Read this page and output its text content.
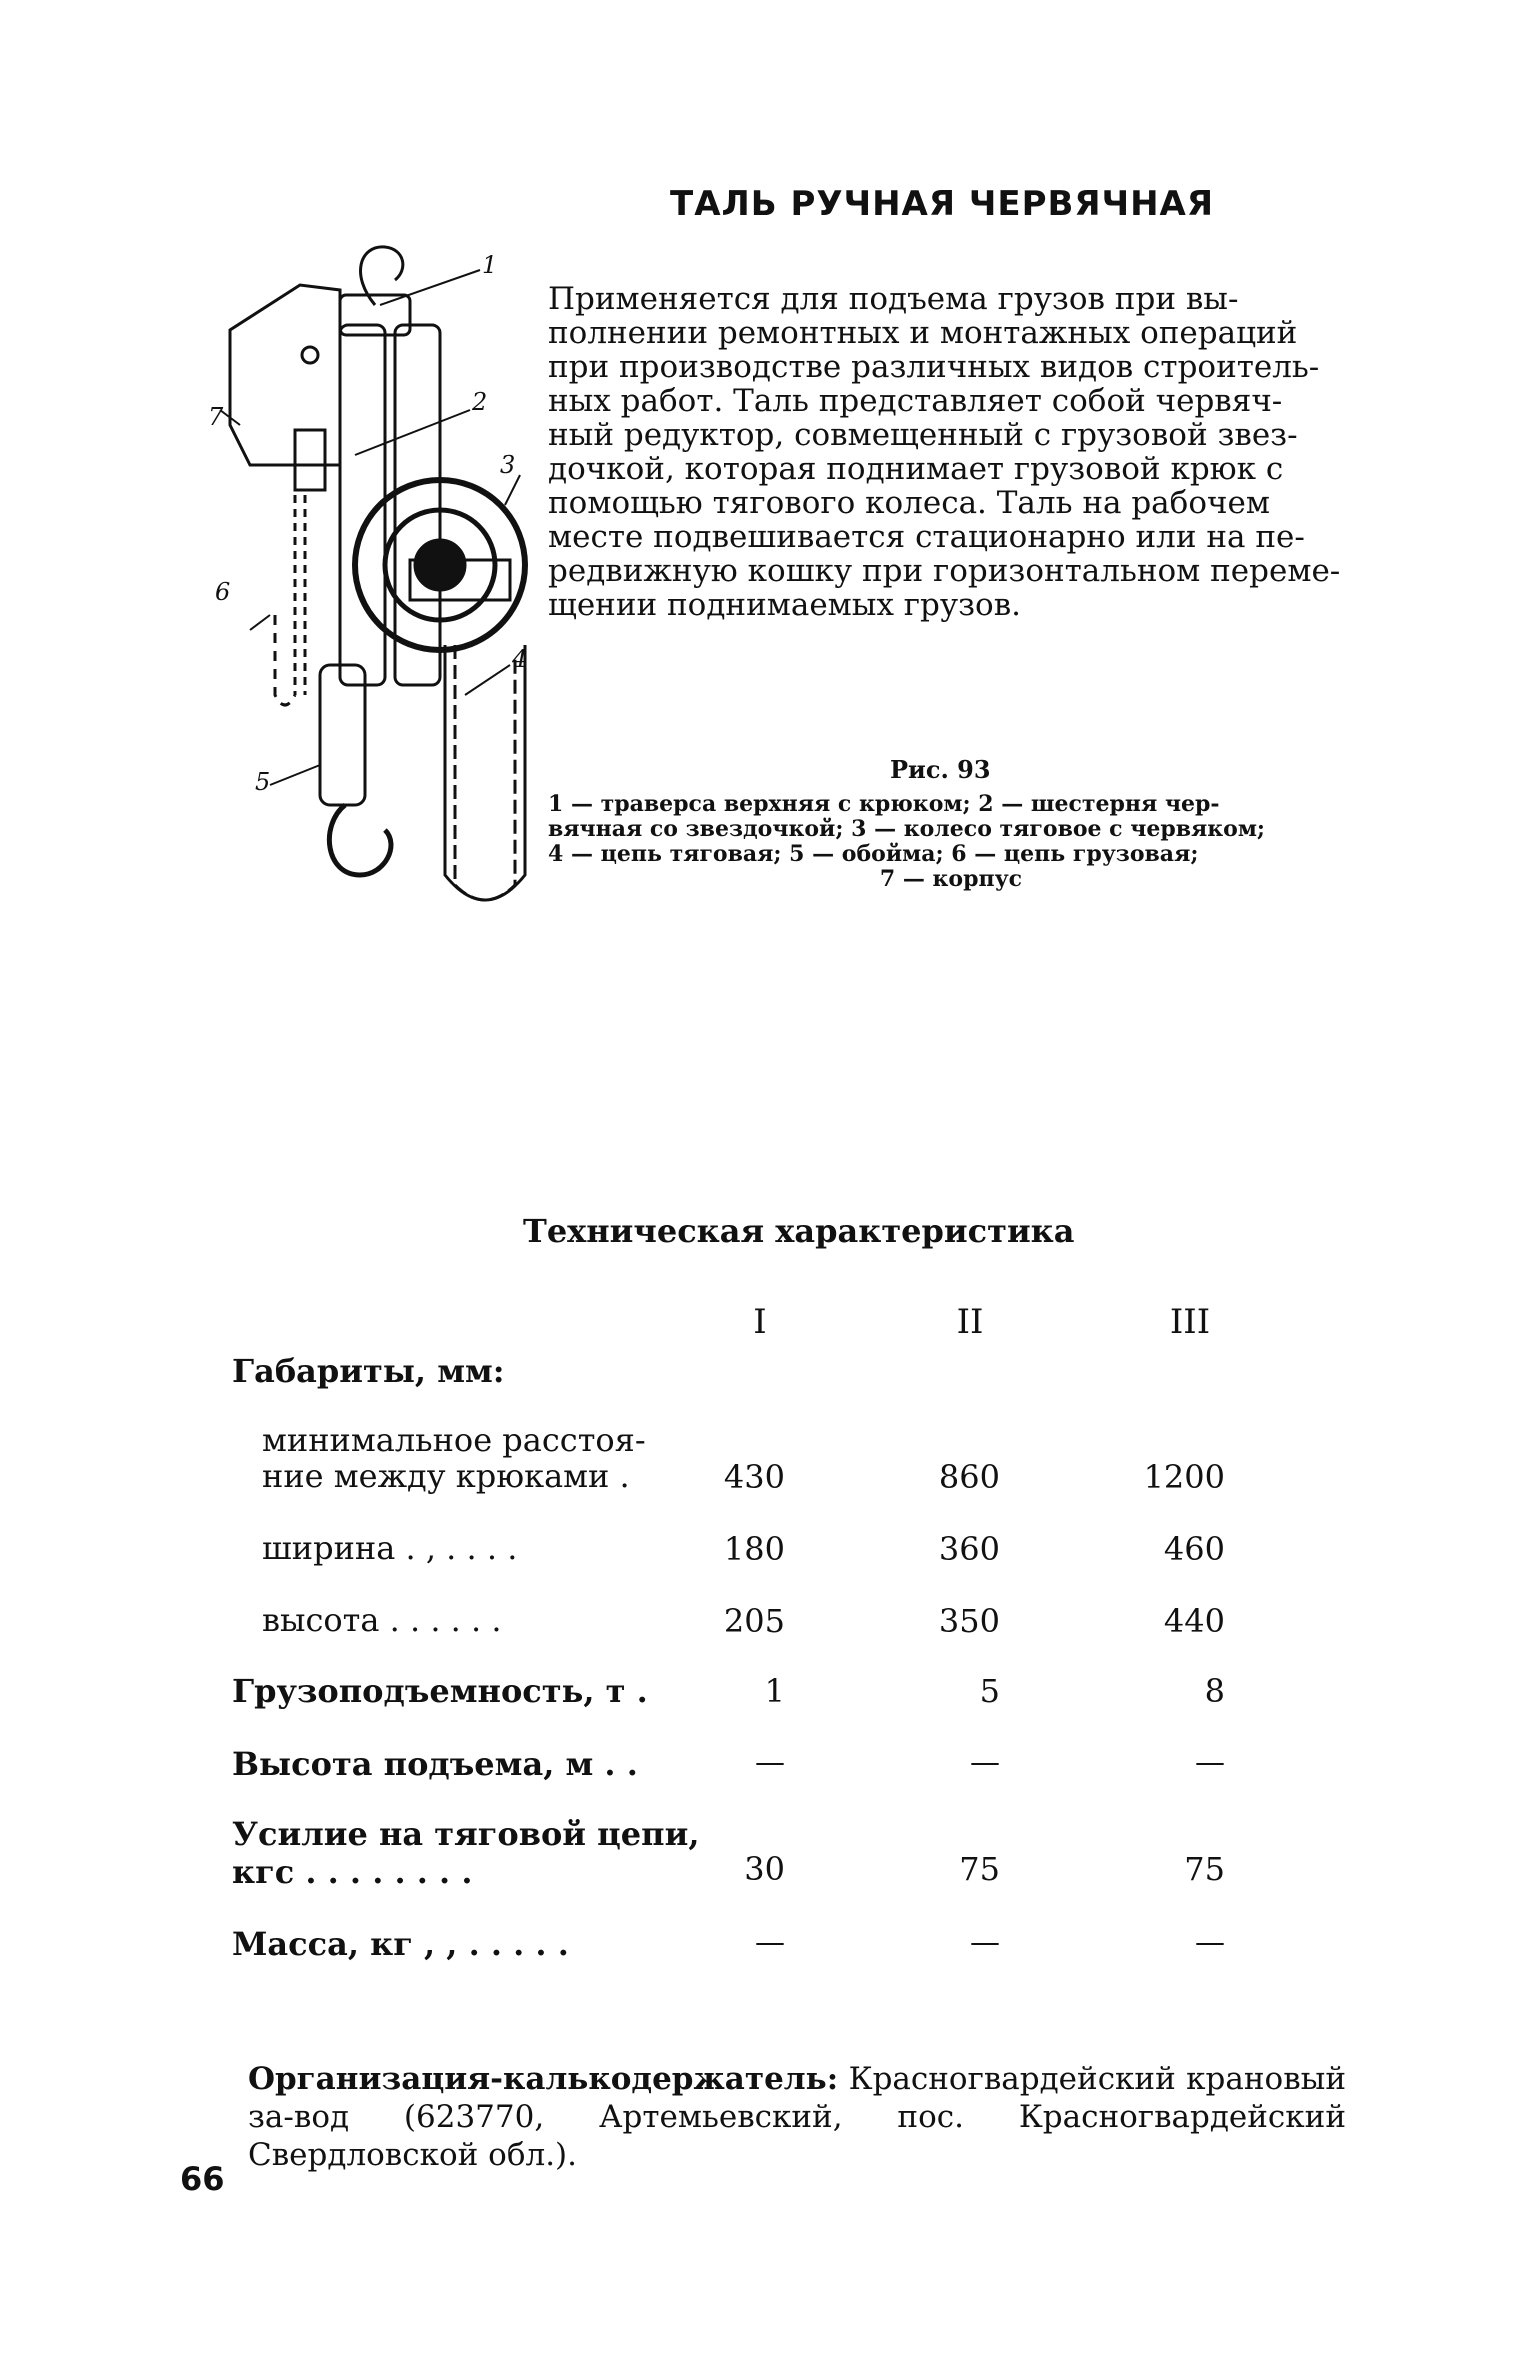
ТАЛЬ РУЧНАЯ ЧЕРВЯЧНАЯ
1
2
3
4
5
6
7

Применяется для подъема грузов при вы-
полнении ремонтных и монтажных операций
при производстве различных видов строитель-
ных работ. Таль представляет собой червяч-
ный редуктор, совмещенный с грузовой звез-
дочкой, которая поднимает грузовой крюк с
помощью тягового колеса. Таль на рабочем
месте подвешивается стационарно или на пе-
редвижную кошку при горизонтальном переме-
щении поднимаемых грузов.

Рис. 93

1 — траверса верхняя с крюком; 2 — шестерня чер-
вячная со звездочкой; 3 — колесо тяговое с червяком;
4 — цепь тяговая; 5 — обойма; 6 — цепь грузовая;
7 — корпус

Техническая характеристика
I	II	III
Габариты, мм:
минимальное расстоя-
ние между крюками .	430	860	1200
ширина . , . . . .	180	360	460
высота . . . . . .	205	350	440
Грузоподъемность, т .	1	5	8
Высота подъема, м . .	—	—	—
Усилие на тяговой цепи,
кгс . . . . . . . .	30	75	75
Масса, кг , , . . . . .	—	—	—

Организация-калькодержатель: Красногвардейский крановый за-вод (623770, Артемьевский, пос. Красногвардейский Свердловской обл.).

66
